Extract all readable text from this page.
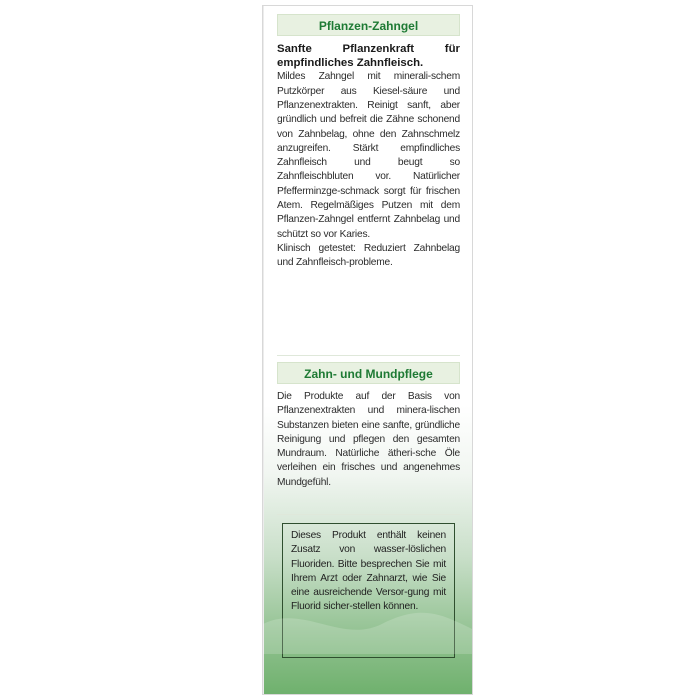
Pflanzen-Zahngel
Sanfte Pflanzenkraft für empfindliches Zahnfleisch.
Mildes Zahngel mit minerali-schem Putzkörper aus Kiesel-säure und Pflanzenextrakten. Reinigt sanft, aber gründlich und befreit die Zähne schonend von Zahnbelag, ohne den Zahnschmelz anzugreifen. Stärkt empfindliches Zahnfleisch und beugt so Zahnfleischbluten vor. Natürlicher Pfefferminzge-schmack sorgt für frischen Atem. Regelmäßiges Putzen mit dem Pflanzen-Zahngel entfernt Zahnbelag und schützt so vor Karies.
Klinisch getestet: Reduziert Zahnbelag und Zahnfleisch-probleme.
Zahn- und Mundpflege
Die Produkte auf der Basis von Pflanzenextrakten und minera-lischen Substanzen bieten eine sanfte, gründliche Reinigung und pflegen den gesamten Mundraum. Natürliche ätheri-sche Öle verleihen ein frisches und angenehmes Mundgefühl.
Dieses Produkt enthält keinen Zusatz von wasser-löslichen Fluoriden. Bitte besprechen Sie mit Ihrem Arzt oder Zahnarzt, wie Sie eine ausreichende Versor-gung mit Fluorid sicher-stellen können.
